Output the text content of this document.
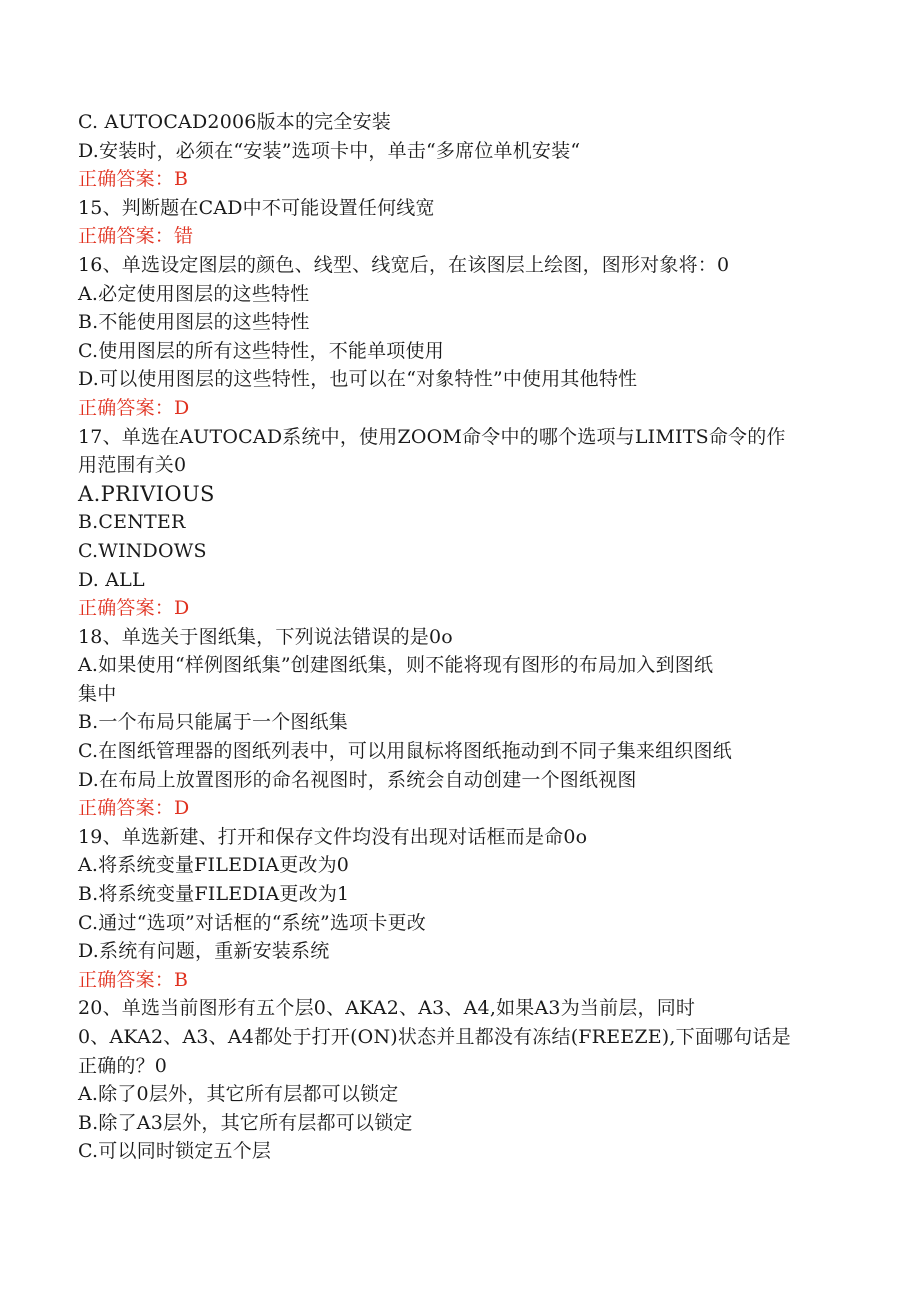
C. AUTOCAD2006版本的完全安装
D.安装时，必须在“安装”选项卡中，单击“多席位单机安装“
正确答案：B
15、判断题在CAD中不可能设置任何线宽
正确答案：错
16、单选设定图层的颜色、线型、线宽后，在该图层上绘图，图形对象将：0
A.必定使用图层的这些特性
B.不能使用图层的这些特性
C.使用图层的所有这些特性，不能单项使用
D.可以使用图层的这些特性，也可以在“对象特性”中使用其他特性
正确答案：D
17、单选在AUTOCAD系统中，使用ZOOM命令中的哪个选项与LIMITS命令的作
用范围有关0
A.PRIVIOUS
B.CENTER
C.WINDOWS
D. ALL
正确答案：D
18、单选关于图纸集，下列说法错误的是0o
A.如果使用“样例图纸集”创建图纸集，则不能将现有图形的布局加入到图纸
集中
B.一个布局只能属于一个图纸集
C.在图纸管理器的图纸列表中，可以用鼠标将图纸拖动到不同子集来组织图纸
D.在布局上放置图形的命名视图时，系统会自动创建一个图纸视图
正确答案：D
19、单选新建、打开和保存文件均没有出现对话框而是命0o
A.将系统变量FILEDIA更改为0
B.将系统变量FILEDIA更改为1
C.通过“选项”对话框的“系统”选项卡更改
D.系统有问题，重新安装系统
正确答案：B
20、单选当前图形有五个层0、AKA2、A3、A4,如果A3为当前层，同时
0、AKA2、A3、A4都处于打开(ON)状态并且都没有冻结(FREEZE),下面哪句话是
正确的？0
A.除了0层外，其它所有层都可以锁定
B.除了A3层外，其它所有层都可以锁定
C.可以同时锁定五个层
